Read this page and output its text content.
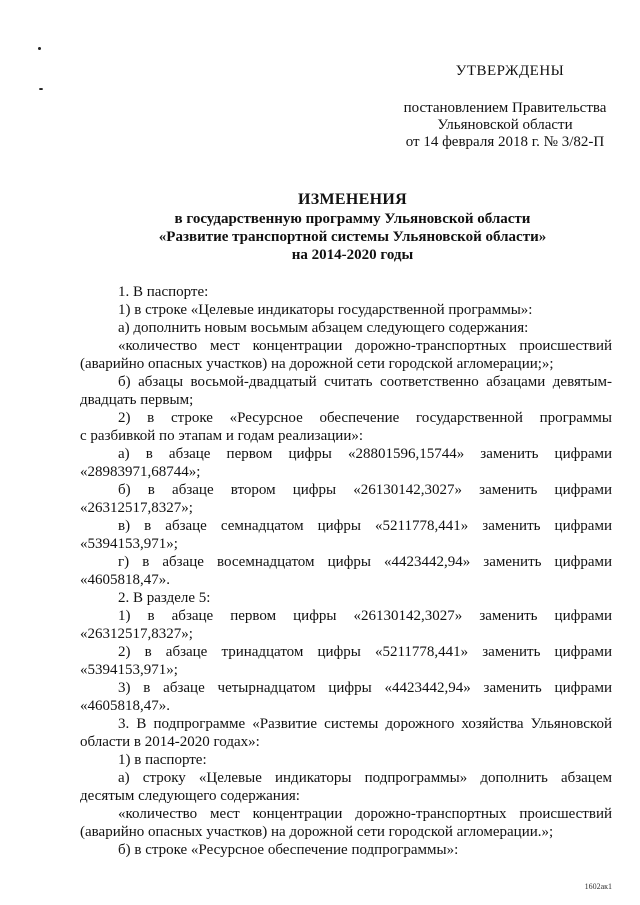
УТВЕРЖДЕНЫ
постановлением Правительства
Ульяновской области
от 14 февраля 2018 г. № 3/82-П
ИЗМЕНЕНИЯ
в государственную программу Ульяновской области
«Развитие транспортной системы Ульяновской области»
на 2014-2020 годы

1. В паспорте:

1) в строке «Целевые индикаторы государственной программы»:

а) дополнить новым восьмым абзацем следующего содержания:

«количество мест концентрации дорожно-транспортных происшествий

(аварийно опасных участков) на дорожной сети городской агломерации;»;

б) абзацы восьмой-двадцатый считать соответственно абзацами девятым-

двадцать первым;

2) в строке «Ресурсное обеспечение государственной программы

с разбивкой по этапам и годам реализации»:

а) в абзаце первом цифры «28801596,15744» заменить цифрами

«28983971,68744»;

б) в абзаце втором цифры «26130142,3027» заменить цифрами

«26312517,8327»;

в) в абзаце семнадцатом цифры «5211778,441» заменить цифрами

«5394153,971»;

г) в абзаце восемнадцатом цифры «4423442,94» заменить цифрами

«4605818,47».

2. В разделе 5:

1) в абзаце первом цифры «26130142,3027» заменить цифрами

«26312517,8327»;

2) в абзаце тринадцатом цифры «5211778,441» заменить цифрами

«5394153,971»;

3) в абзаце четырнадцатом цифры «4423442,94» заменить цифрами

«4605818,47».

3. В подпрограмме «Развитие системы дорожного хозяйства Ульяновской

области в 2014-2020 годах»:

1) в паспорте:

а) строку «Целевые индикаторы подпрограммы» дополнить абзацем

десятым следующего содержания:

«количество мест концентрации дорожно-транспортных происшествий

(аварийно опасных участков) на дорожной сети городской агломерации.»;

б) в строке «Ресурсное обеспечение подпрограммы»:

1602ак1
